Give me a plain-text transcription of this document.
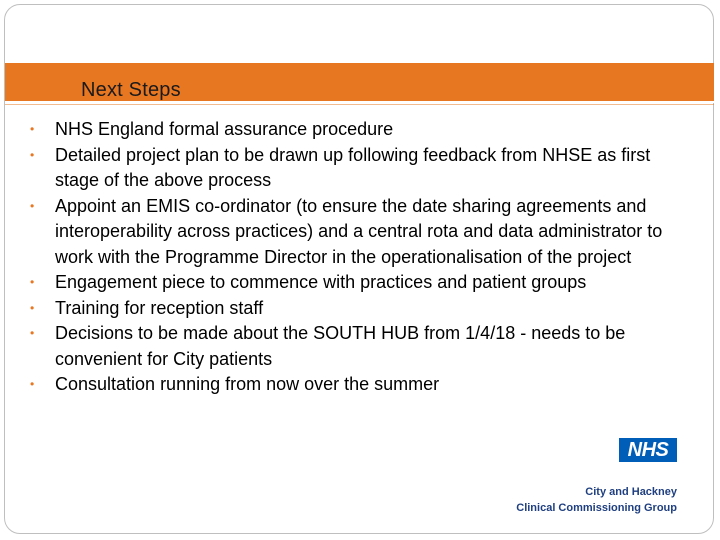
Next Steps
• NHS England formal assurance procedure
• Detailed project plan to be drawn up following feedback from NHSE as first stage of the above process
• Appoint an EMIS co-ordinator (to ensure the date sharing agreements and interoperability across practices) and a central rota and data administrator to work with the Programme Director in the operationalisation of the project
• Engagement piece to commence with practices and patient groups
• Training for reception staff
• Decisions to be made about the SOUTH HUB from 1/4/18 - needs to be convenient for City patients
• Consultation running from now over the summer
NHS
City and Hackney
Clinical Commissioning Group
